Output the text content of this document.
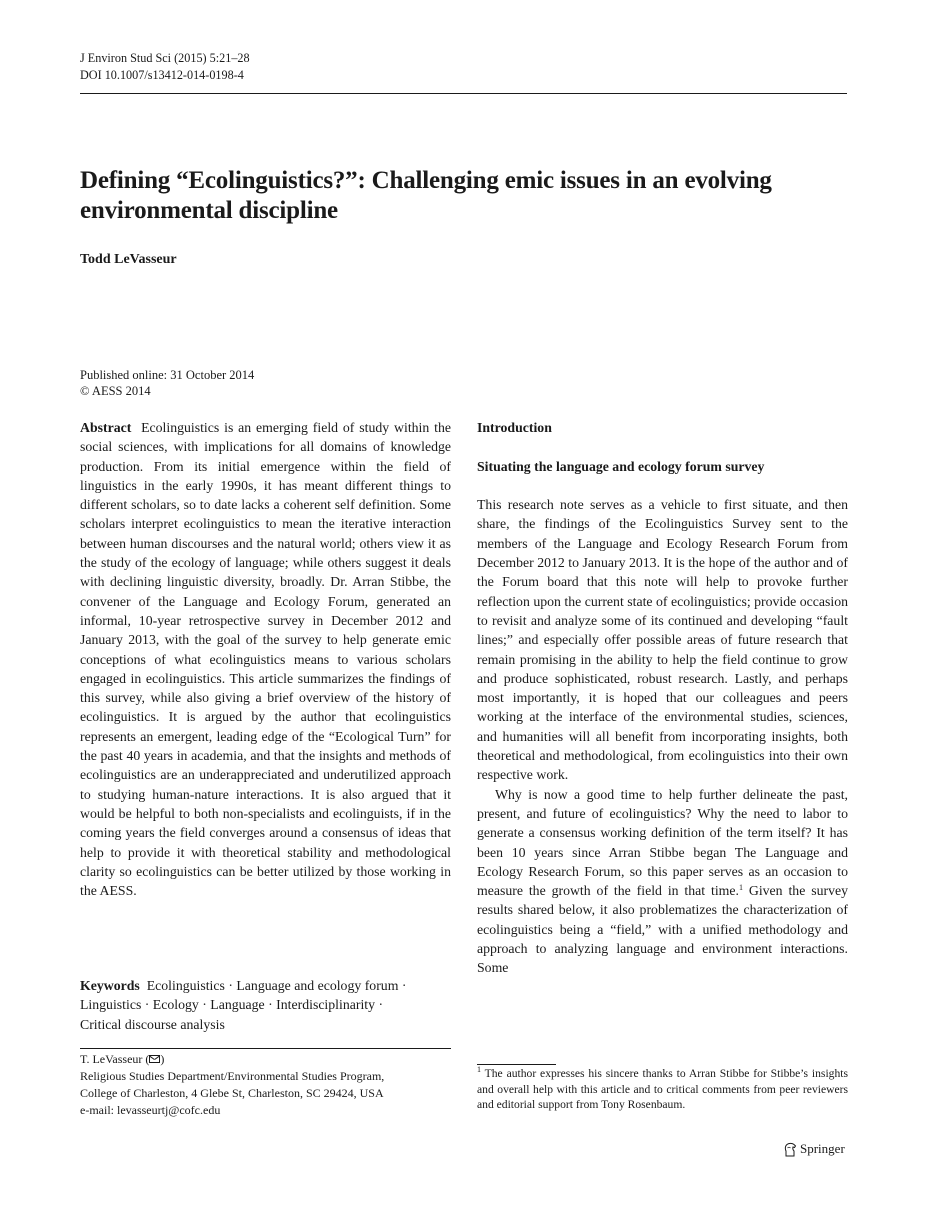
J Environ Stud Sci (2015) 5:21–28
DOI 10.1007/s13412-014-0198-4
Defining “Ecolinguistics?”: Challenging emic issues in an evolving
environmental discipline
Todd LeVasseur
Published online: 31 October 2014
© AESS 2014

Abstract Ecolinguistics is an emerging field of study within the social sciences, with implications for all domains of knowledge production. From its initial emergence within the field of linguistics in the early 1990s, it has meant different things to different scholars, so to date lacks a coherent self definition. Some scholars interpret ecolinguistics to mean the iterative interaction between human discourses and the natural world; others view it as the study of the ecology of language; while others suggest it deals with declining linguistic diversity, broadly. Dr. Arran Stibbe, the convener of the Language and Ecology Forum, generated an informal, 10-year retrospective survey in December 2012 and January 2013, with the goal of the survey to help generate emic conceptions of what ecolinguistics means to various scholars engaged in ecolinguistics. This article summarizes the findings of this survey, while also giving a brief overview of the history of ecolinguistics. It is argued by the author that ecolinguistics represents an emergent, leading edge of the “Ecological Turn” for the past 40 years in academia, and that the insights and methods of ecolinguistics are an underappreciated and underutilized approach to studying human-nature interactions. It is also argued that it would be helpful to both non-specialists and ecolinguists, if in the coming years the field converges around a consensus of ideas that help to provide it with theoretical stability and methodological clarity so ecolinguistics can be better utilized by those working in the AESS.

Keywords Ecolinguistics · Language and ecology forum ·
Linguistics · Ecology · Language · Interdisciplinarity ·
Critical discourse analysis
T. LeVasseur ( )
Religious Studies Department/Environmental Studies Program,
College of Charleston, 4 Glebe St, Charleston, SC 29424, USA
e-mail: levasseurtj@cofc.edu
Introduction
Situating the language and ecology forum survey

This research note serves as a vehicle to first situate, and then share, the findings of the Ecolinguistics Survey sent to the members of the Language and Ecology Research Forum from December 2012 to January 2013. It is the hope of the author and of the Forum board that this note will help to provoke further reflection upon the current state of ecolinguistics; provide occasion to revisit and analyze some of its continued and developing “fault lines;” and especially offer possible areas of future research that remain promising in the ability to help the field continue to grow and produce sophisticated, robust research. Lastly, and perhaps most importantly, it is hoped that our colleagues and peers working at the interface of the environmental studies, sciences, and humanities will all benefit from incorporating insights, both theoretical and methodological, from ecolinguistics into their own respective work.

Why is now a good time to help further delineate the past, present, and future of ecolinguistics? Why the need to labor to generate a consensus working definition of the term itself? It has been 10 years since Arran Stibbe began The Language and Ecology Research Forum, so this paper serves as an occasion to measure the growth of the field in that time.$^1$ Given the survey results shared below, it also problematizes the characterization of ecolinguistics being a “field,” with a unified methodology and approach to analyzing language and environment interactions. Some

$^1$ The author expresses his sincere thanks to Arran Stibbe for Stibbe’s insights and overall help with this article and to critical comments from peer reviewers and editorial support from Tony Rosenbaum.
Springer
